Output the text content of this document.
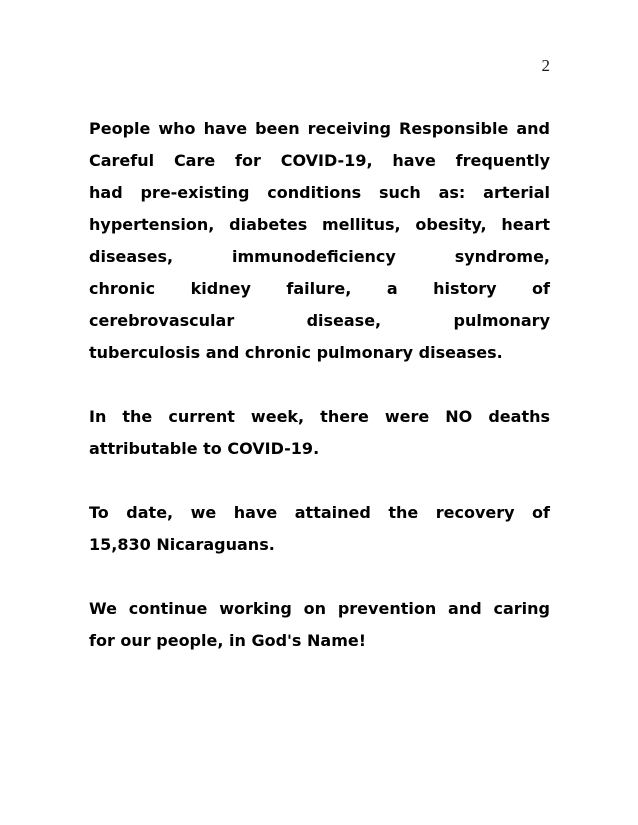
2
People who have been receiving Responsible and
Careful Care for COVID-19, have frequently
had pre-existing conditions such as: arterial
hypertension, diabetes mellitus, obesity, heart
diseases, immunodeficiency syndrome,
chronic kidney failure, a history of
cerebrovascular disease, pulmonary
tuberculosis and chronic pulmonary diseases.
In the current week, there were NO deaths
attributable to COVID-19.
To date, we have attained the recovery of
15,830 Nicaraguans.
We continue working on prevention and caring
for our people, in God's Name!
